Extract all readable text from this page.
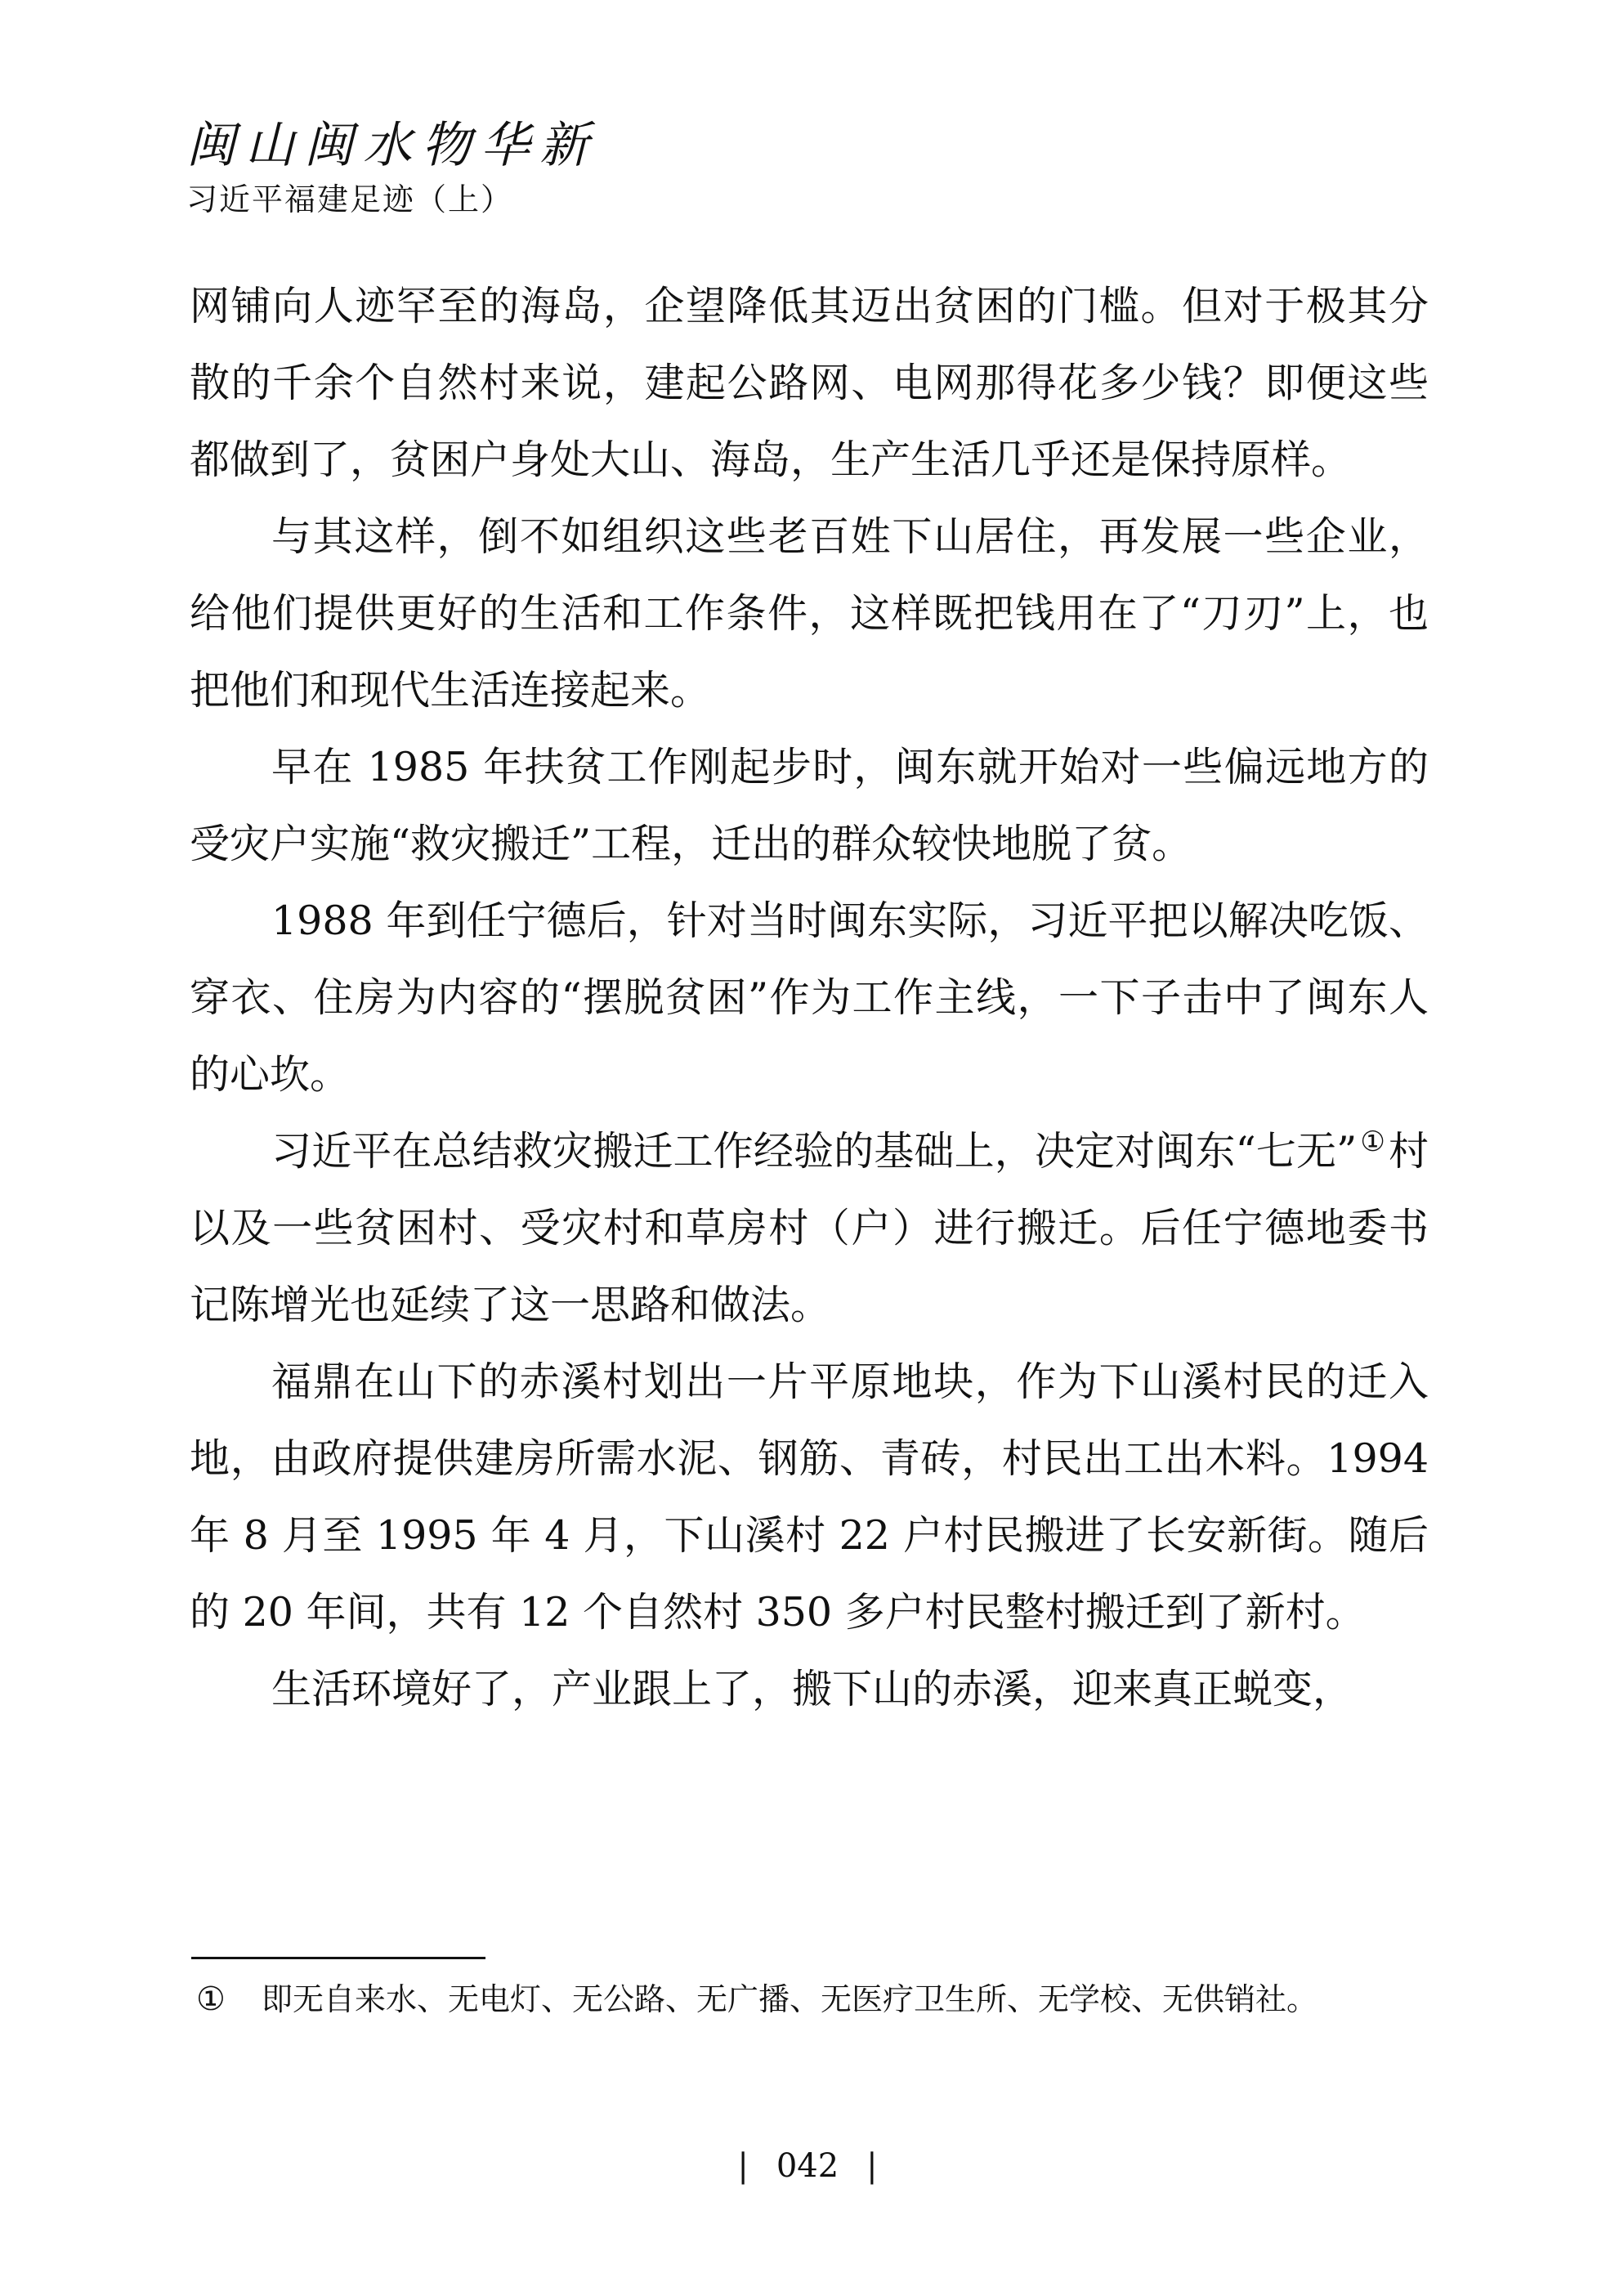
闽山闽水物华新
习近平福建足迹（上）

网铺向人迹罕至的海岛，企望降低其迈出贫困的门槛。但对于极其分散的千余个自然村来说，建起公路网、电网那得花多少钱？即便这些都做到了，贫困户身处大山、海岛，生产生活几乎还是保持原样。

与其这样，倒不如组织这些老百姓下山居住，再发展一些企业，给他们提供更好的生活和工作条件，这样既把钱用在了“刀刃”上，也把他们和现代生活连接起来。

早在 1985 年扶贫工作刚起步时，闽东就开始对一些偏远地方的受灾户实施“救灾搬迁”工程，迁出的群众较快地脱了贫。

1988 年到任宁德后，针对当时闽东实际，习近平把以解决吃饭、穿衣、住房为内容的“摆脱贫困”作为工作主线，一下子击中了闽东人的心坎。

习近平在总结救灾搬迁工作经验的基础上，决定对闽东“七无” ①村以及一些贫困村、受灾村和草房村（户）进行搬迁。后任宁德地委书记陈增光也延续了这一思路和做法。

福鼎在山下的赤溪村划出一片平原地块，作为下山溪村民的迁入地，由政府提供建房所需水泥、钢筋、青砖，村民出工出木料。1994 年 8 月至 1995 年 4 月，下山溪村 22 户村民搬进了长安新街。随后的 20 年间，共有 12 个自然村 350 多户村民整村搬迁到了新村。

生活环境好了，产业跟上了，搬下山的赤溪，迎来真正蜕变，

①	即无自来水、无电灯、无公路、无广播、无医疗卫生所、无学校、无供销社。
| 042 |
